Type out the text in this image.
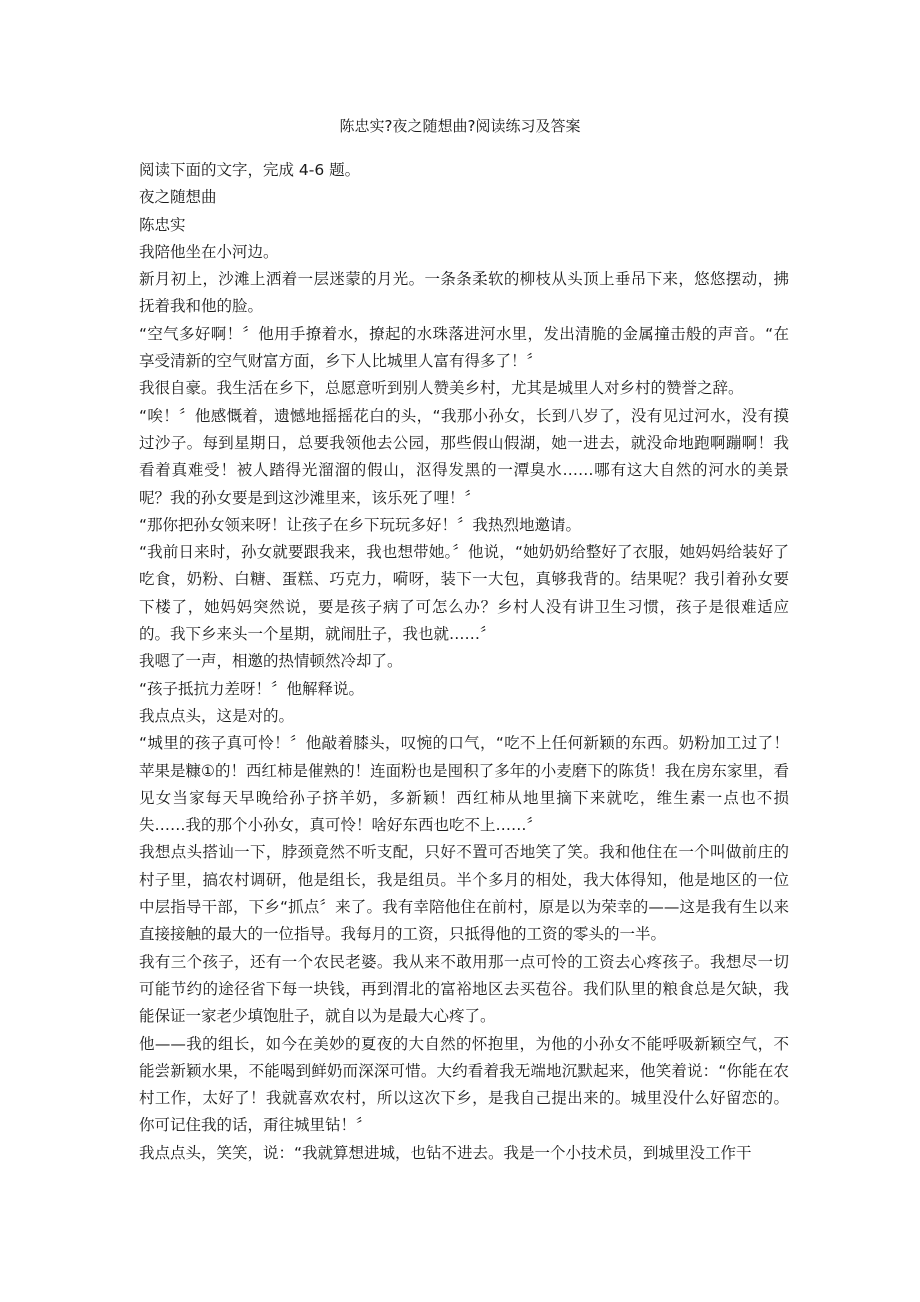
陈忠实?夜之随想曲?阅读练习及答案

阅读下面的文字，完成 4-6 题。

夜之随想曲

陈忠实

我陪他坐在小河边。

新月初上，沙滩上洒着一层迷蒙的月光。一条条柔软的柳枝从头顶上垂吊下来，悠悠摆动，拂抚着我和他的脸。

“空气多好啊！〞他用手撩着水，撩起的水珠落进河水里，发出清脆的金属撞击般的声音。“在享受清新的空气财富方面，乡下人比城里人富有得多了！〞

我很自豪。我生活在乡下，总愿意听到别人赞美乡村，尤其是城里人对乡村的赞誉之辞。

“唉！〞他感慨着，遗憾地摇摇花白的头，“我那小孙女，长到八岁了，没有见过河水，没有摸过沙子。每到星期日，总要我领他去公园，那些假山假湖，她一进去，就没命地跑啊蹦啊！我看着真难受！被人踏得光溜溜的假山，沤得发黑的一潭臭水……哪有这大自然的河水的美景呢？我的孙女要是到这沙滩里来，该乐死了哩！〞

“那你把孙女领来呀！让孩子在乡下玩玩多好！〞我热烈地邀请。

“我前日来时，孙女就要跟我来，我也想带她。〞他说，“她奶奶给整好了衣服，她妈妈给装好了吃食，奶粉、白糖、蛋糕、巧克力，嗬呀，装下一大包，真够我背的。结果呢？我引着孙女要下楼了，她妈妈突然说，要是孩子病了可怎么办？乡村人没有讲卫生习惯，孩子是很难适应的。我下乡来头一个星期，就闹肚子，我也就……〞

我嗯了一声，相邀的热情顿然冷却了。

“孩子抵抗力差呀！〞他解释说。

我点点头，这是对的。

“城里的孩子真可怜！〞他敲着膝头，叹惋的口气，“吃不上任何新颖的东西。奶粉加工过了！苹果是糠①的！西红柿是催熟的！连面粉也是囤积了多年的小麦磨下的陈货！我在房东家里，看见女当家每天早晚给孙子挤羊奶，多新颖！西红柿从地里摘下来就吃，维生素一点也不损失……我的那个小孙女，真可怜！啥好东西也吃不上……〞

我想点头搭讪一下，脖颈竟然不听支配，只好不置可否地笑了笑。我和他住在一个叫做前庄的村子里，搞农村调研，他是组长，我是组员。半个多月的相处，我大体得知，他是地区的一位中层指导干部，下乡“抓点〞来了。我有幸陪他住在前村，原是以为荣幸的——这是我有生以来直接接触的最大的一位指导。我每月的工资，只抵得他的工资的零头的一半。

我有三个孩子，还有一个农民老婆。我从来不敢用那一点可怜的工资去心疼孩子。我想尽一切可能节约的途径省下每一块钱，再到渭北的富裕地区去买苞谷。我们队里的粮食总是欠缺，我能保证一家老少填饱肚子，就自以为是最大心疼了。

他——我的组长，如今在美妙的夏夜的大自然的怀抱里，为他的小孙女不能呼吸新颖空气，不能尝新颖水果，不能喝到鲜奶而深深可惜。大约看着我无端地沉默起来，他笑着说：“你能在农村工作，太好了！我就喜欢农村，所以这次下乡，是我自己提出来的。城里没什么好留恋的。你可记住我的话，甭往城里钻！〞

我点点头，笑笑，说：“我就算想进城，也钻不进去。我是一个小技术员，到城里没工作干
